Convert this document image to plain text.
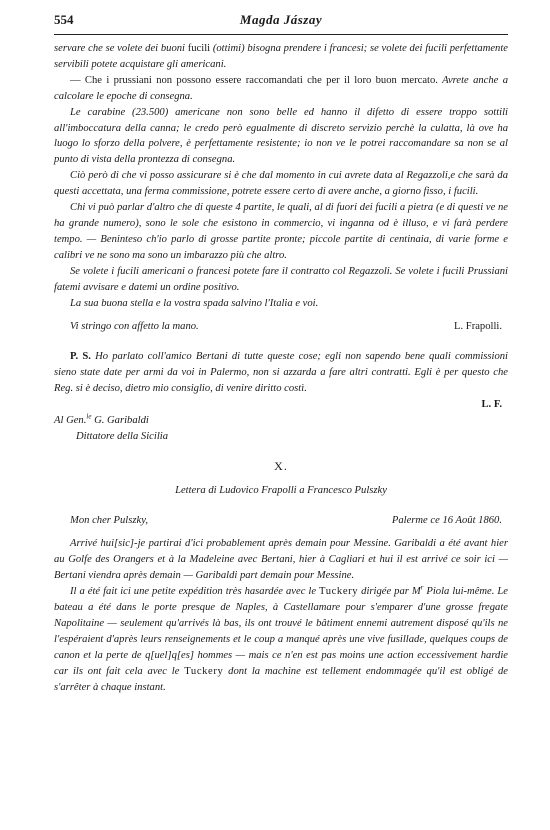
554	Magda Jászay

servare che se volete dei buoni fucili (ottimi) bisogna prendere i francesi; se volete dei fucili perfettamente servibili potete acquistare gli americani.

— Che i prussiani non possono essere raccomandati che per il loro buon mercato. Avrete anche a calcolare le epoche di consegna.

Le carabine (23.500) americane non sono belle ed hanno il difetto di essere troppo sottili all'imboccatura della canna; le credo però egualmente di discreto servizio perchè la culatta, là ove ha luogo lo sforzo della polvere, è perfettamente resistente; io non ve le potrei raccomandare sa non se al punto di vista della prontezza di consegna.

Ciò però di che vi posso assicurare si è che dal momento in cui avrete data al Regazzoli,e che sarà da questi accettata, una ferma commissione, potrete essere certo di avere anche, a giorno fisso, i fucili.

Chi vi può parlar d'altro che di queste 4 partite, le quali, al di fuori dei fucili a pietra (e di questi ve ne ha grande numero), sono le sole che esistono in commercio, vi inganna od è illuso, e vi farà perdere tempo. — Beninteso ch'io parlo di grosse partite pronte; piccole partite di centinaia, di varie forme e calibri ve ne sono ma sono un imbarazzo più che altro.

Se volete i fucili americani o francesi potete fare il contratto col Regazzoli. Se volete i fucili Prussiani fatemi avvisare e datemi un ordine positivo.

La sua buona stella e la vostra spada salvino l'Italia e voi.

Vi stringo con affetto la mano.	L. Frapolli.

P. S. Ho parlato coll'amico Bertani di tutte queste cose; egli non sapendo bene quali commissioni sieno state date per armi da voi in Palermo, non si azzarda a fare altri contratti. Egli è per questo che Reg. si è deciso, dietro mio consiglio, di venire diritto costì.

L. F.
Al Gen.$^{le}$ G. Garibaldi
Dittatore della Sicilia
X.
Lettera di Ludovico Frapolli a Francesco Pulszky
Mon cher Pulszky,	Palerme ce 16 Août 1860.

Arrivé hui[sic]-je partirai d'ici probablement après demain pour Messine. Garibaldi a été avant hier au Golfe des Orangers et à la Madeleine avec Bertani, hier à Cagliari et hui il est arrivé ce soir ici — Bertani viendra après demain — Garibaldi part demain pour Messine.

Il a été fait ici une petite expédition très hasardée avec le Tuckery dirigée par $M^r$ Piola lui-même. Le bateau a été dans le porte presque de Naples, à Castellamare pour s'emparer d'une grosse fregate Napolitaine — seulement qu'arrivés là bas, ils ont trouvé le bâtiment ennemi autrement disposé qu'ils ne l'espéraient d'après leurs renseignements et le coup a manqué après une vive fusillade, quelques coups de canon et la perte de q[uel]q[es] hommes — mais ce n'en est pas moins une action eccessivement hardie car ils ont fait cela avec le Tuckery dont la machine est tellement endommagée qu'il est obligé de s'arrêter à chaque instant.
